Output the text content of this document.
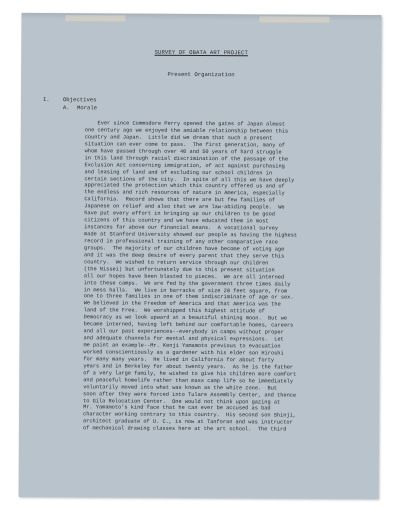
SURVEY OF OBATA ART PROJECT
Present Organization
I. Objectives
A. Morale
Ever since Commodore Perry opened the gates of Japan almost
one century ago we enjoyed the amiable relationship between this
country and Japan.  Little did we dream that such a present
situation can ever come to pass.  The first generation, many of
whom have passed through over 40 and 50 years of hard struggle
in this land through racial discrimination of the passage of the
Exclusion Act concerning immigration, of act against purchasing
and leasing of land and of excluding our school children in
certain sections of the city.  In spite of all this we have deeply
appreciated the protection which this country offered us and of
the endless and rich resources of nature in America, especially
California.  Record shows that there are but few families of
Japanese on relief and also that we are law-abiding people.  We
have put every effort in bringing up our children to be good
citizens of this country and we have educated them in most
instances far above our financial means.  A vocational survey
made at Stanford University showed our people as having the highest
record in professional training of any other comparative race
groups.  The majority of our children have become of voting age
and it was the deep desire of every parent that they serve this
country.  We wished to return service through our children
(the Nissei) but unfortunately due to this present situation
all our hopes have been blasted to pieces.  We are all interned
into these camps.  We are fed by the government three times daily
in mess halls.  We live in barracks of size 20 feet square, from
one to three families in one of them indiscriminate of age or sex.
We believed in the Freedom of America and that America was the
land of the Free.  We worshipped this highest attitude of
Democracy as we look upward at a beautiful shining moon.  But we
became interned, having left behind our comfortable homes, careers
and all our past experiences--everybody in camps without proper
and adequate channels for mental and physical expressions.  Let
me paint an example--Mr. Kenji Yamamoto previous to evacuation
worked conscientiously as a gardener with his elder son Hiroshi
for many many years.  He lived in California for about forty
years and in Berkeley for about twenty years.  As he is the father
of a very large family, he wished to give his children more comfort
and peaceful homelife rather than mass camp life so he immediately
voluntarily moved into what was known as the white zone.  But
soon after they were forced into Tulare Assembly Center, and thence
to Gila Relocation Center.  One would not think upon gazing at
Mr. Yamamoto's kind face that he can ever be accused as bad
character working contrary to this country.  His second son Shinji,
architect graduate of U. C., is now at Tanforan and was instructor
of mechanical drawing classes here at the art school.  The third
